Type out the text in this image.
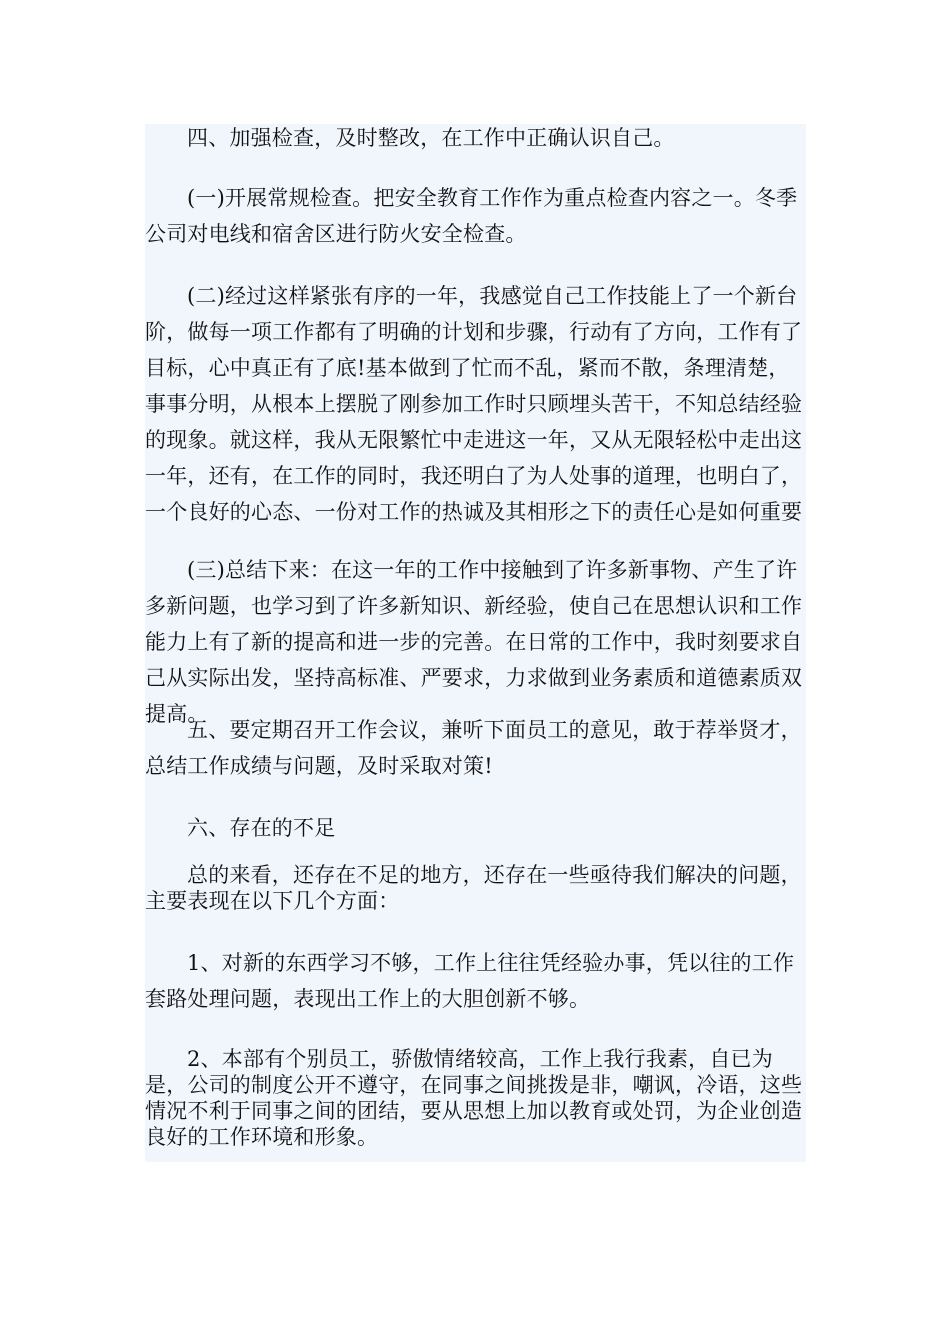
四、加强检查，及时整改，在工作中正确认识自己。

(一)开展常规检查。把安全教育工作作为重点检查内容之一。冬季公司对电线和宿舍区进行防火安全检查。

(二)经过这样紧张有序的一年，我感觉自己工作技能上了一个新台阶，做每一项工作都有了明确的计划和步骤，行动有了方向，工作有了目标，心中真正有了底!基本做到了忙而不乱，紧而不散，条理清楚，事事分明，从根本上摆脱了刚参加工作时只顾埋头苦干，不知总结经验的现象。就这样，我从无限繁忙中走进这一年，又从无限轻松中走出这一年，还有，在工作的同时，我还明白了为人处事的道理，也明白了，一个良好的心态、一份对工作的热诚及其相形之下的责任心是如何重要

(三)总结下来：在这一年的工作中接触到了许多新事物、产生了许多新问题，也学习到了许多新知识、新经验，使自己在思想认识和工作能力上有了新的提高和进一步的完善。在日常的工作中，我时刻要求自己从实际出发，坚持高标准、严要求，力求做到业务素质和道德素质双提高。

五、要定期召开工作会议，兼听下面员工的意见，敢于荐举贤才，总结工作成绩与问题，及时采取对策!

六、存在的不足

总的来看，还存在不足的地方，还存在一些亟待我们解决的问题，主要表现在以下几个方面：

1、对新的东西学习不够，工作上往往凭经验办事，凭以往的工作套路处理问题，表现出工作上的大胆创新不够。

2、本部有个别员工，骄傲情绪较高，工作上我行我素，自已为是，公司的制度公开不遵守，在同事之间挑拨是非，嘲讽，冷语，这些情况不利于同事之间的团结，要从思想上加以教育或处罚，为企业创造良好的工作环境和形象。
